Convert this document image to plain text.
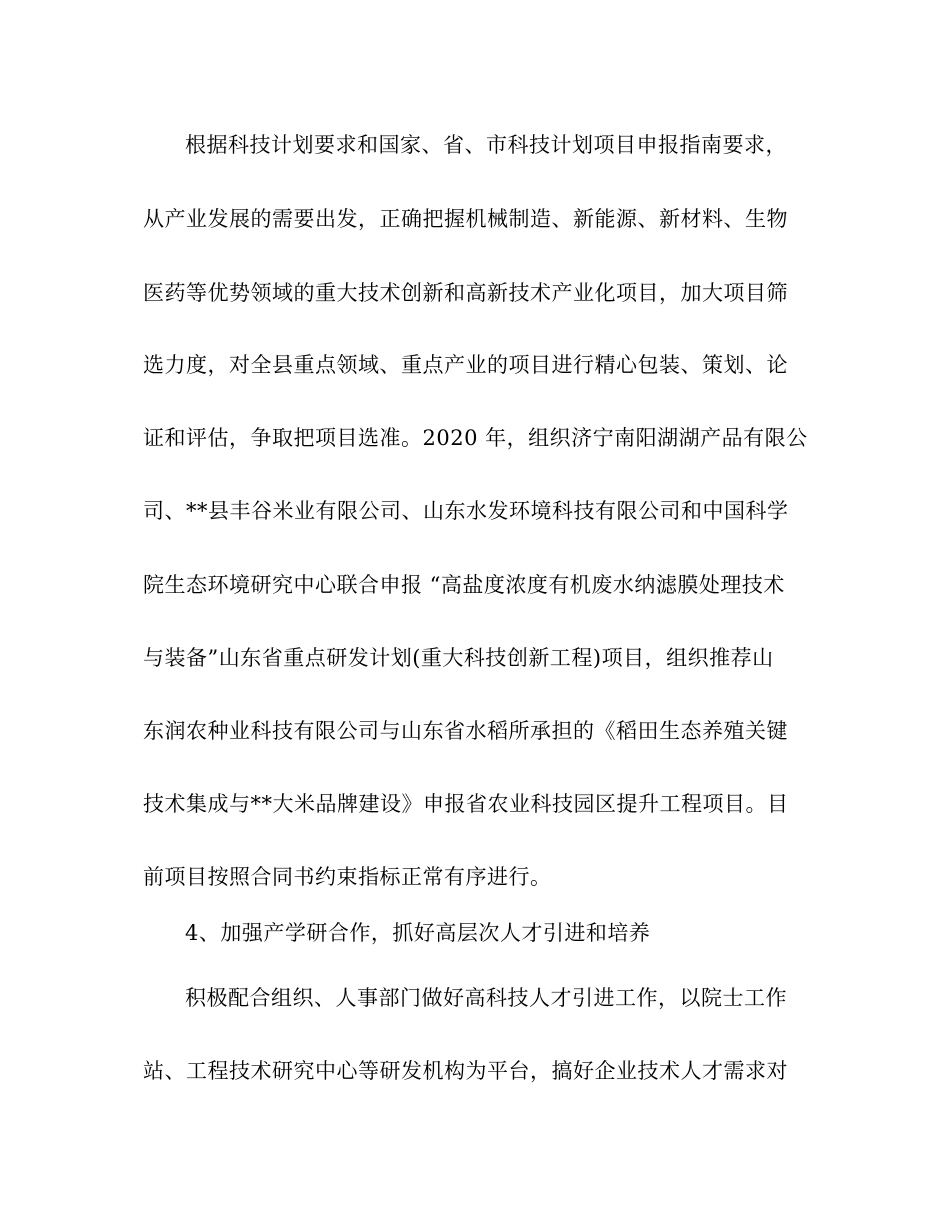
根据科技计划要求和国家、省、市科技计划项目申报指南要求，
从产业发展的需要出发，正确把握机械制造、新能源、新材料、生物
医药等优势领域的重大技术创新和高新技术产业化项目，加大项目筛
选力度，对全县重点领域、重点产业的项目进行精心包装、策划、论
证和评估，争取把项目选准。2020 年，组织济宁南阳湖湖产品有限公
司、**县丰谷米业有限公司、山东水发环境科技有限公司和中国科学
院生态环境研究中心联合申报 “高盐度浓度有机废水纳滤膜处理技术
与装备”山东省重点研发计划(重大科技创新工程)项目，组织推荐山
东润农种业科技有限公司与山东省水稻所承担的《稻田生态养殖关键
技术集成与**大米品牌建设》申报省农业科技园区提升工程项目。目
前项目按照合同书约束指标正常有序进行。
4、加强产学研合作，抓好高层次人才引进和培养
积极配合组织、人事部门做好高科技人才引进工作，以院士工作
站、工程技术研究中心等研发机构为平台，搞好企业技术人才需求对
